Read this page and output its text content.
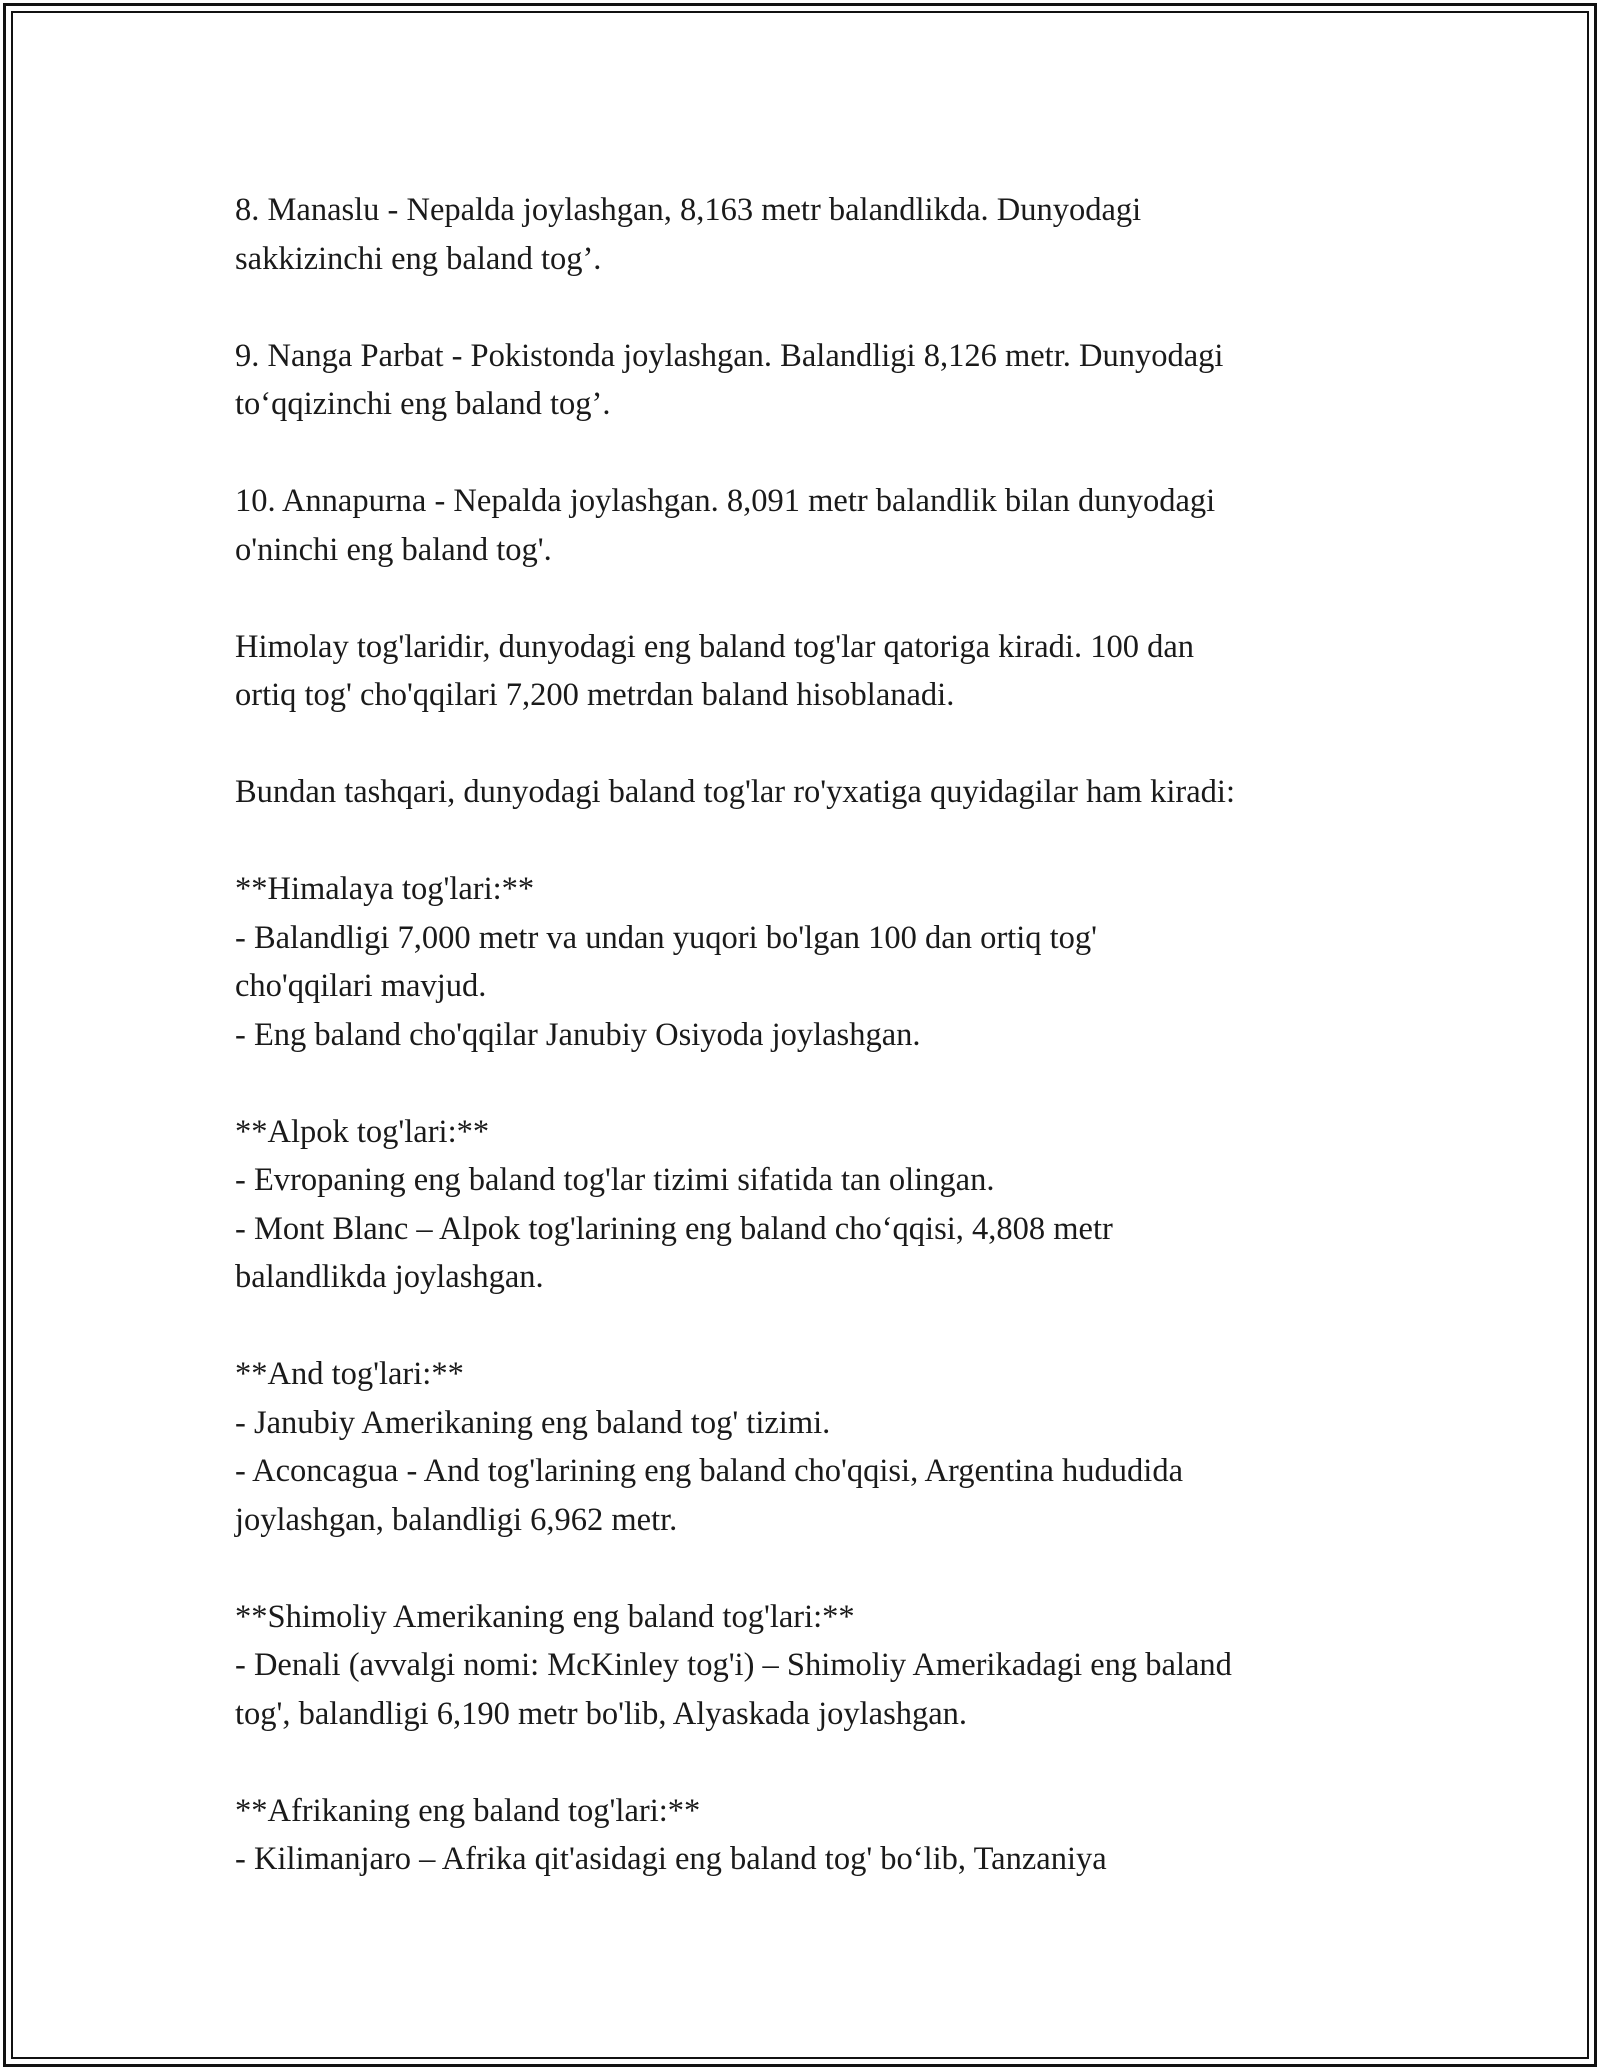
8. Manaslu - Nepalda joylashgan, 8,163 metr balandlikda. Dunyodagi
sakkizinchi eng baland tog’.
9. Nanga Parbat - Pokistonda joylashgan. Balandligi 8,126 metr. Dunyodagi
to‘qqizinchi eng baland tog’.
10. Annapurna - Nepalda joylashgan. 8,091 metr balandlik bilan dunyodagi
o'ninchi eng baland tog'.
Himolay tog'laridir, dunyodagi eng baland tog'lar qatoriga kiradi. 100 dan
ortiq tog' cho'qqilari 7,200 metrdan baland hisoblanadi.
Bundan tashqari, dunyodagi baland tog'lar ro'yxatiga quyidagilar ham kiradi:
**Himalaya tog'lari:**
- Balandligi 7,000 metr va undan yuqori bo'lgan 100 dan ortiq tog'
cho'qqilari mavjud.
- Eng baland cho'qqilar Janubiy Osiyoda joylashgan.
**Alpok tog'lari:**
- Evropaning eng baland tog'lar tizimi sifatida tan olingan.
- Mont Blanc – Alpok tog'larining eng baland cho‘qqisi, 4,808 metr
balandlikda joylashgan.
**And tog'lari:**
- Janubiy Amerikaning eng baland tog' tizimi.
- Aconcagua - And tog'larining eng baland cho'qqisi, Argentina hududida
joylashgan, balandligi 6,962 metr.
**Shimoliy Amerikaning eng baland tog'lari:**
- Denali (avvalgi nomi: McKinley tog'i) – Shimoliy Amerikadagi eng baland
tog', balandligi 6,190 metr bo'lib, Alyaskada joylashgan.
**Afrikaning eng baland tog'lari:**
- Kilimanjaro – Afrika qit'asidagi eng baland tog' bo‘lib, Tanzaniya
